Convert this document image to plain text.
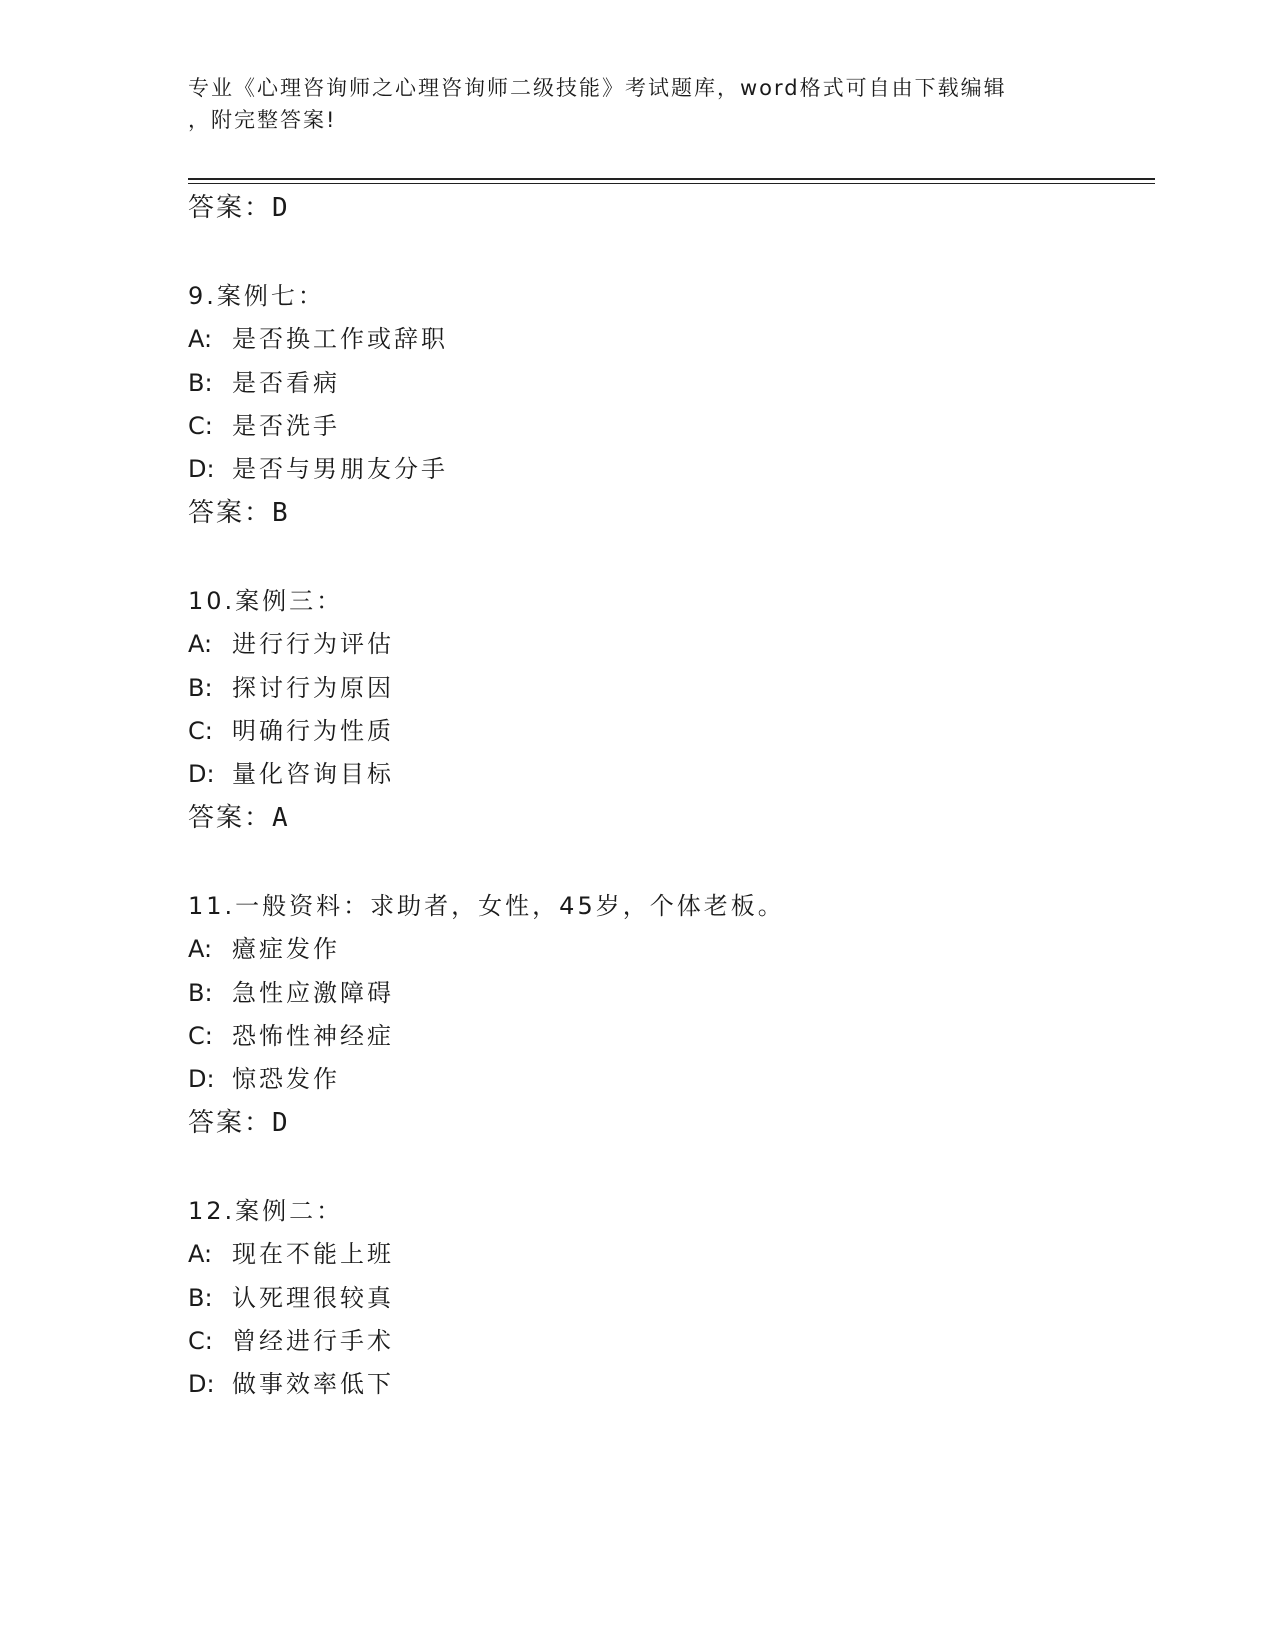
专业《心理咨询师之心理咨询师二级技能》考试题库，word格式可自由下载编辑
，附完整答案!
答案：D
9.案例七：
A: 是否换工作或辞职
B: 是否看病
C: 是否洗手
D: 是否与男朋友分手
答案：B
10.案例三：
A: 进行行为评估
B: 探讨行为原因
C: 明确行为性质
D: 量化咨询目标
答案：A
11.一般资料：求助者，女性，45岁，个体老板。
A: 癔症发作
B: 急性应激障碍
C: 恐怖性神经症
D: 惊恐发作
答案：D
12.案例二：
A: 现在不能上班
B: 认死理很较真
C: 曾经进行手术
D: 做事效率低下
